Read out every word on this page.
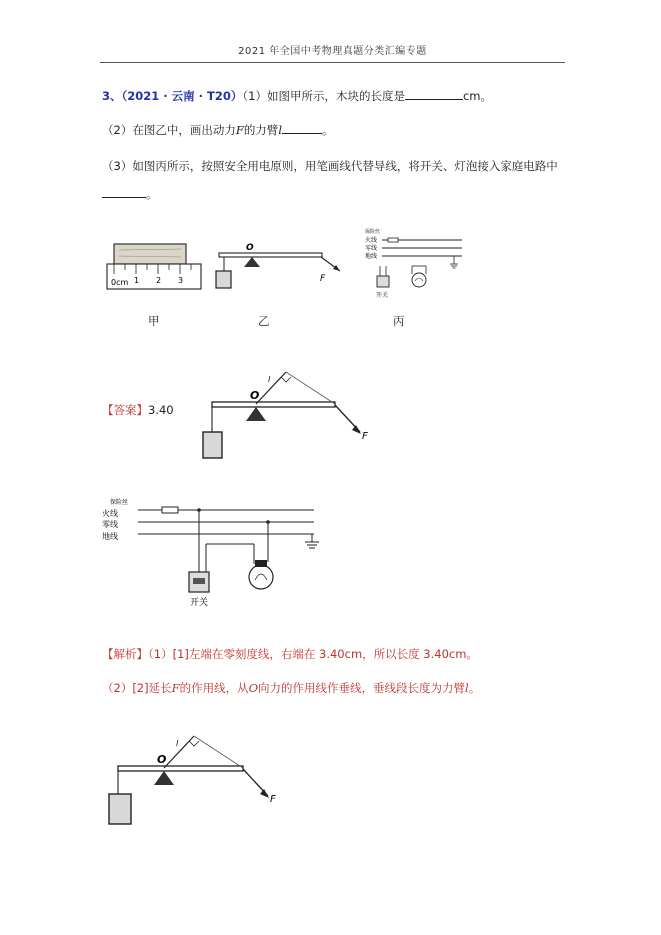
2021 年全国中考物理真题分类汇编专题
3、（2021 · 云南 · T20）（1）如图甲所示，木块的长度是	cm。
（2）在图乙中，画出动力F的力臂l	。
（3）如图丙所示，按照安全用电原则，用笔画线代替导线，将开关、灯泡接入家庭电路中
。
0cm 1 2 3
O
F
保险丝
火线
零线
地线
开关
甲	乙	丙
【答案】3.40
O
l
F
保险丝
火线
零线
地线
开关
【解析】（1）[1]左端在零刻度线，右端在 3.40cm，所以长度 3.40cm。
（2）[2]延长F的作用线，从O向力的作用线作垂线，垂线段长度为力臂l。
O
l
F
